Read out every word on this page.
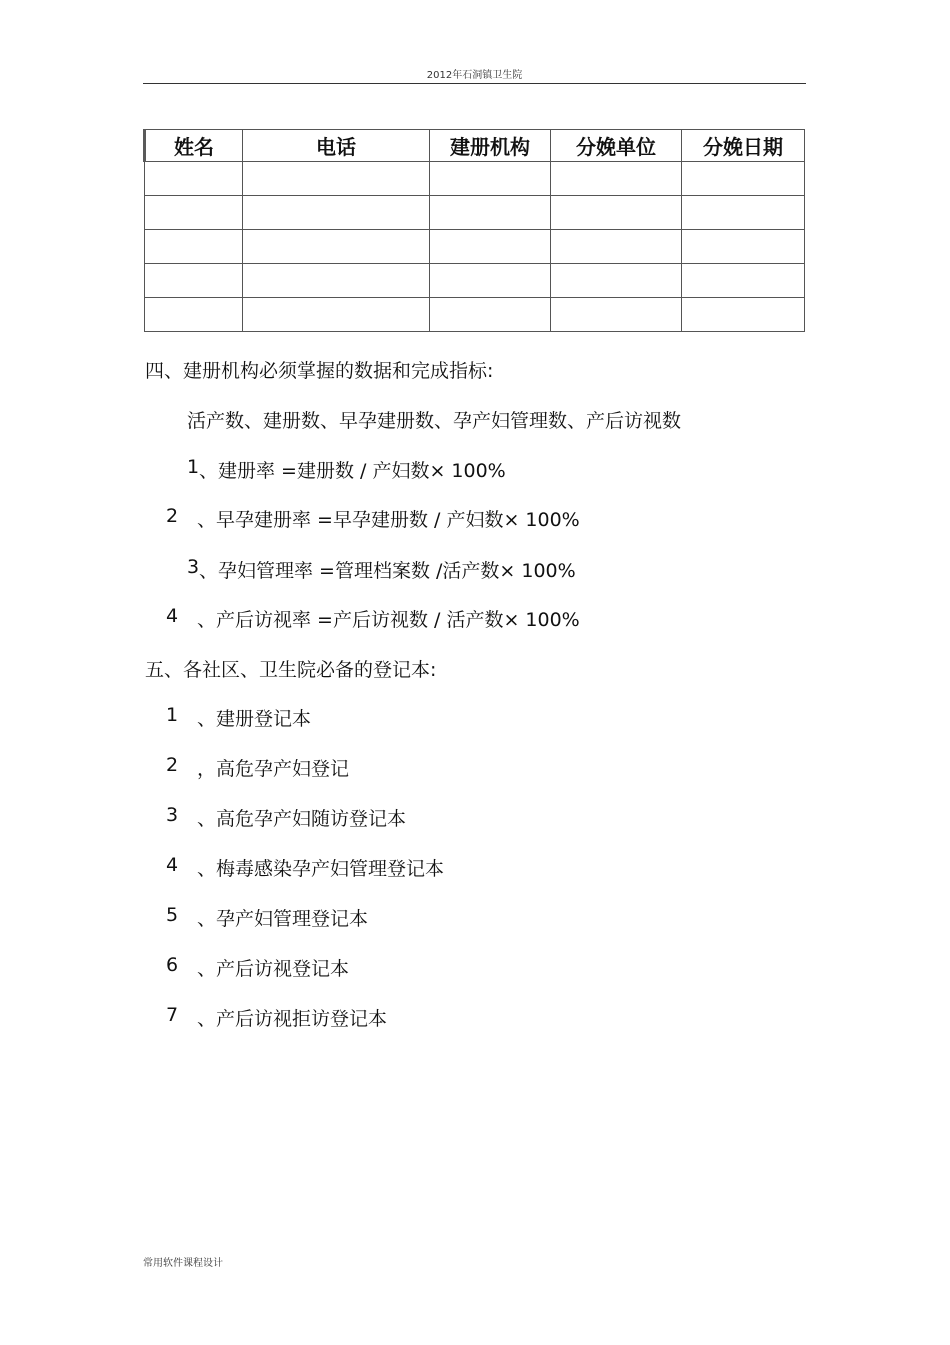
2012年石洞镇卫生院
姓名	电话	建册机构	分娩单位	分娩日期

四、建册机构必须掌握的数据和完成指标:
活产数、建册数、早孕建册数、孕产妇管理数、产后访视数
1 、建册率 =建册数 / 产妇数× 100%
2 、早孕建册率 =早孕建册数 / 产妇数× 100%
3 、孕妇管理率 =管理档案数 /活产数× 100%
4 、产后访视率 =产后访视数 / 活产数× 100%
五、各社区、卫生院必备的登记本:
1 、建册登记本
2 ，高危孕产妇登记
3 、高危孕产妇随访登记本
4 、梅毒感染孕产妇管理登记本
5 、孕产妇管理登记本
6 、产后访视登记本
7 、产后访视拒访登记本
常用软件课程设计
